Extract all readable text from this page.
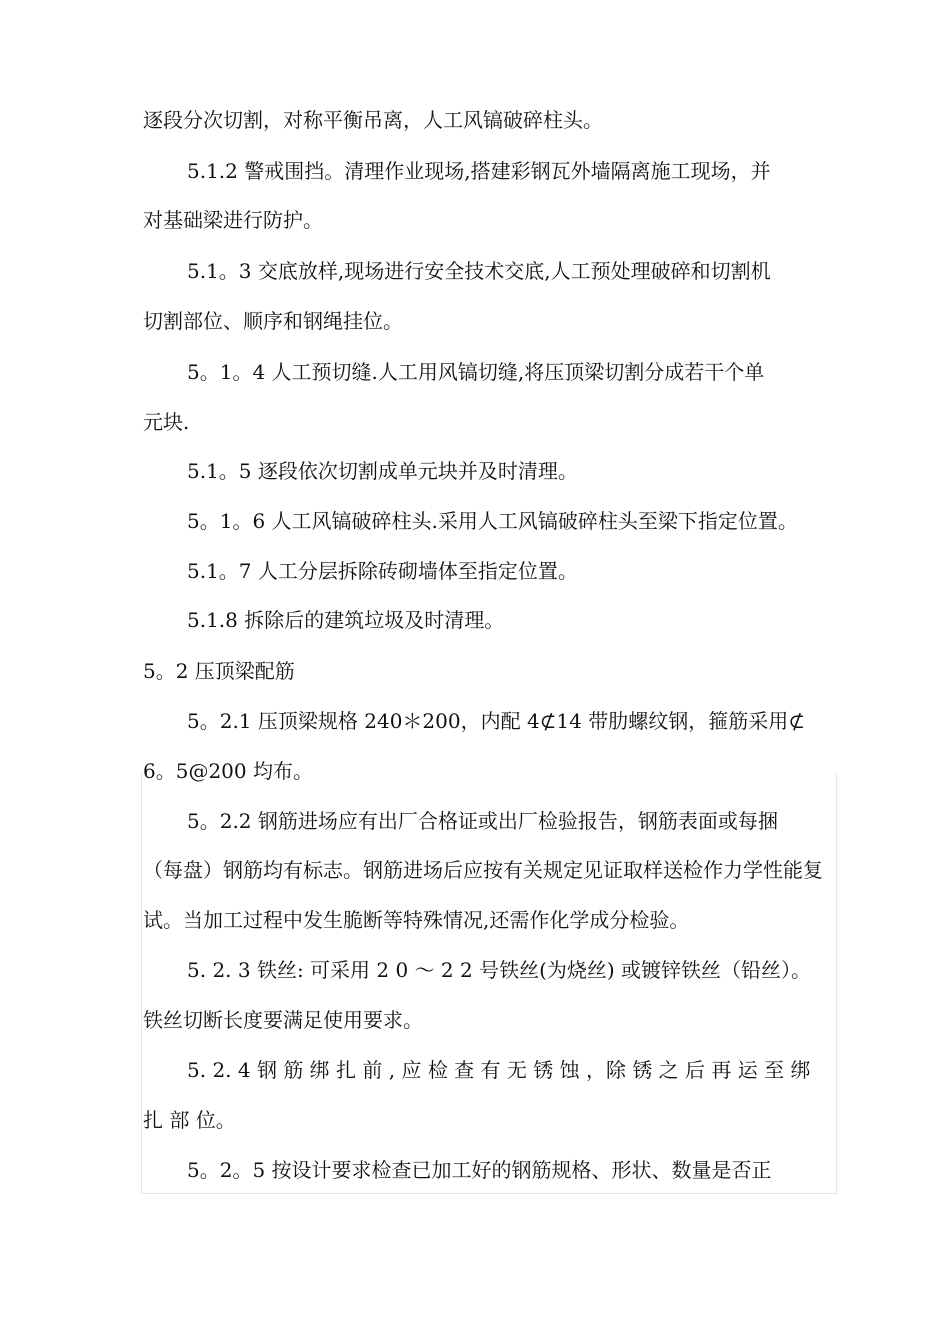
逐段分次切割，对称平衡吊离，人工风镐破碎柱头。
5.1.2 警戒围挡。清理作业现场,搭建彩钢瓦外墙隔离施工现场，并
对基础梁进行防护。
5.1。3 交底放样,现场进行安全技术交底,人工预处理破碎和切割机
切割部位、顺序和钢绳挂位。
5。1。4 人工预切缝.人工用风镐切缝,将压顶梁切割分成若干个单
元块.
5.1。5 逐段依次切割成单元块并及时清理。
5。1。6 人工风镐破碎柱头.采用人工风镐破碎柱头至梁下指定位置。
5.1。7 人工分层拆除砖砌墙体至指定位置。
5.1.8 拆除后的建筑垃圾及时清理。
5。2 压顶梁配筋
5。2.1 压顶梁规格 240＊200，内配 4⊄14 带肋螺纹钢，箍筋采用⊄
6。5@200 均布。
5。2.2 钢筋进场应有出厂合格证或出厂检验报告，钢筋表面或每捆
（每盘）钢筋均有标志。钢筋进场后应按有关规定见证取样送检作力学性能复
试。当加工过程中发生脆断等特殊情况,还需作化学成分检验。
5. 2. 3 铁丝: 可采用 2 0 ～ 2 2 号铁丝(为烧丝) 或镀锌铁丝（铅丝）。
铁丝切断长度要满足使用要求。
5. 2. 4 钢 筋 绑 扎 前 , 应 检 查 有 无 锈 蚀 ，除 锈 之 后 再 运 至 绑
扎 部 位。
5。2。5 按设计要求检查已加工好的钢筋规格、形状、数量是否正
